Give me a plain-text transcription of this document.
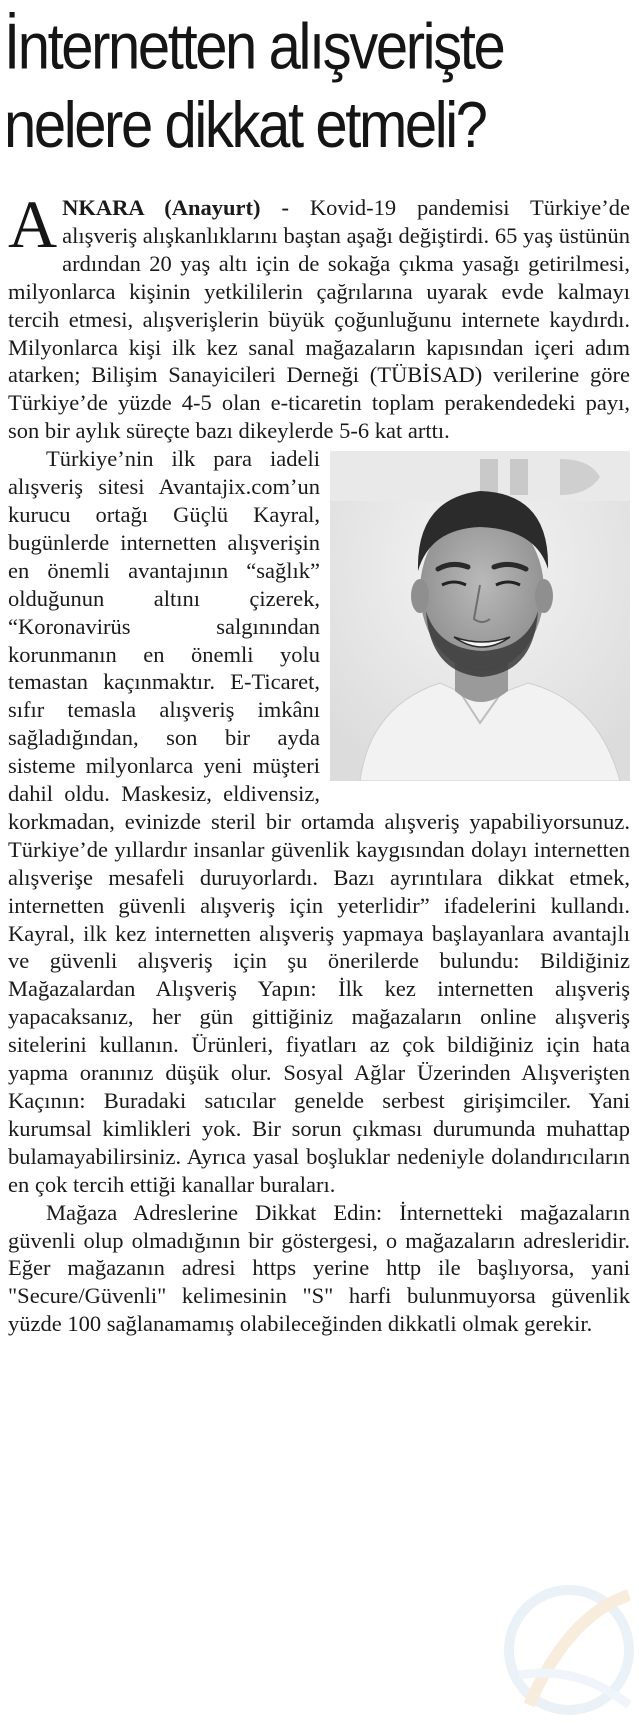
İnternetten alışverişte nelere dikkat etmeli?

ANKARA (Anayurt) - Kovid-19 pandemisi Türkiye’de alışveriş alışkanlıklarını baştan aşağı değiştirdi. 65 yaş üstünün ardından 20 yaş altı için de sokağa çıkma yasağı getirilmesi, milyonlarca kişinin yetkililerin çağrılarına uyarak evde kalmayı tercih etmesi, alışverişlerin büyük çoğunluğunu internete kaydırdı. Milyonlarca kişi ilk kez sanal mağazaların kapısından içeri adım atarken; Bilişim Sanayicileri Derneği (TÜBİSAD) verilerine göre Türkiye’de yüzde 4-5 olan e-ticaretin toplam perakendedeki payı, son bir aylık süreçte bazı dikeylerde 5-6 kat arttı.

Türkiye’nin ilk para iadeli alışveriş sitesi Avantajix.com’un kurucu ortağı Güçlü Kayral, bugünlerde internetten alışverişin en önemli avantajının “sağlık” olduğunun altını çizerek, “Koronavirüs salgınından korunmanın en önemli yolu temastan kaçınmaktır. E-Ticaret, sıfır temasla alışveriş imkânı sağladığından, son bir ayda sisteme milyonlarca yeni müşteri dahil oldu. Maskesiz, eldivensiz, korkmadan, evinizde steril bir ortamda alışveriş yapabiliyorsunuz. Türkiye’de yıllardır insanlar güvenlik kaygısından dolayı internetten alışverişe mesafeli duruyorlardı. Bazı ayrıntılara dikkat etmek, internetten güvenli alışveriş için yeterlidir” ifadelerini kullandı. Kayral, ilk kez internetten alışveriş yapmaya başlayanlara avantajlı ve güvenli alışveriş için şu önerilerde bulundu: Bildiğiniz Mağazalardan Alışveriş Yapın: İlk kez internetten alışveriş yapacaksanız, her gün gittiğiniz mağazaların online alışveriş sitelerini kullanın. Ürünleri, fiyatları az çok bildiğiniz için hata yapma oranınız düşük olur. Sosyal Ağlar Üzerinden Alışverişten Kaçının: Buradaki satıcılar genelde serbest girişimciler. Yani kurumsal kimlikleri yok. Bir sorun çıkması durumunda muhattap bulamayabilirsiniz. Ayrıca yasal boşluklar nedeniyle dolandırıcıların en çok tercih ettiği kanallar buraları.

Mağaza Adreslerine Dikkat Edin: İnternetteki mağazaların güvenli olup olmadığının bir göstergesi, o mağazaların adresleridir. Eğer mağazanın adresi https yerine http ile başlıyorsa, yani "Secure/Güvenli" kelimesinin "S" harfi bulunmuyorsa güvenlik yüzde 100 sağlanamamış olabileceğinden dikkatli olmak gerekir.
